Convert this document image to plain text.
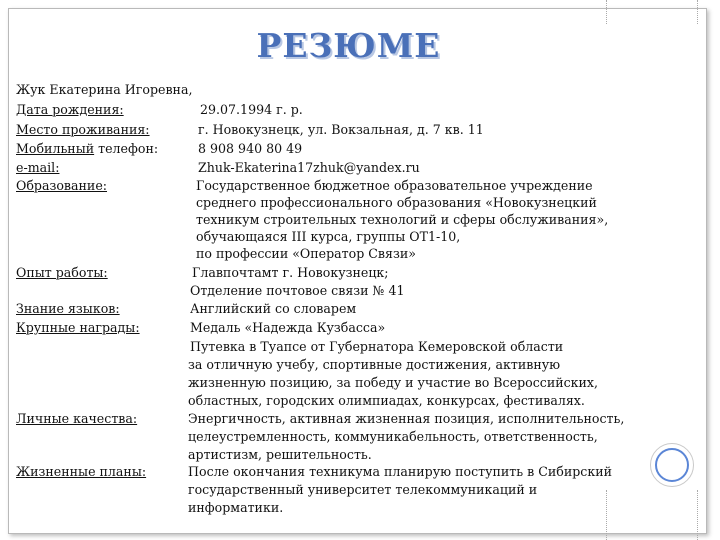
РЕЗЮМЕ
Жук Екатерина Игоревна,
Дата рождения:	29.07.1994 г. р.
Место проживания:	г. Новокузнецк, ул. Вокзальная, д. 7 кв. 11
Мобильный телефон:	8 908 940 80 49
e-mail:	Zhuk-Ekaterina17zhuk@yandex.ru
Образование:	Государственное бюджетное образовательное учреждение
среднего профессионального образования «Новокузнецкий
техникум строительных технологий и сферы обслуживания»,
обучающаяся III курса, группы ОТ1-10,
по профессии «Оператор Связи»
Опыт работы:	Главпочтамт г. Новокузнецк;
Отделение почтовое связи № 41
Знание языков:	Английский со словарем
Крупные награды:	Медаль «Надежда Кузбасса»
Путевка в Туапсе от Губернатора Кемеровской области
за отличную учебу, спортивные достижения, активную
жизненную позицию, за победу и участие во Всероссийских,
областных, городских олимпиадах, конкурсах, фестивалях.
Личные качества:	Энергичность, активная жизненная позиция, исполнительность,
целеустремленность, коммуникабельность, ответственность,
артистизм, решительность.
Жизненные планы:	После окончания техникума планирую поступить в Сибирский
государственный университет телекоммуникаций и
информатики.
